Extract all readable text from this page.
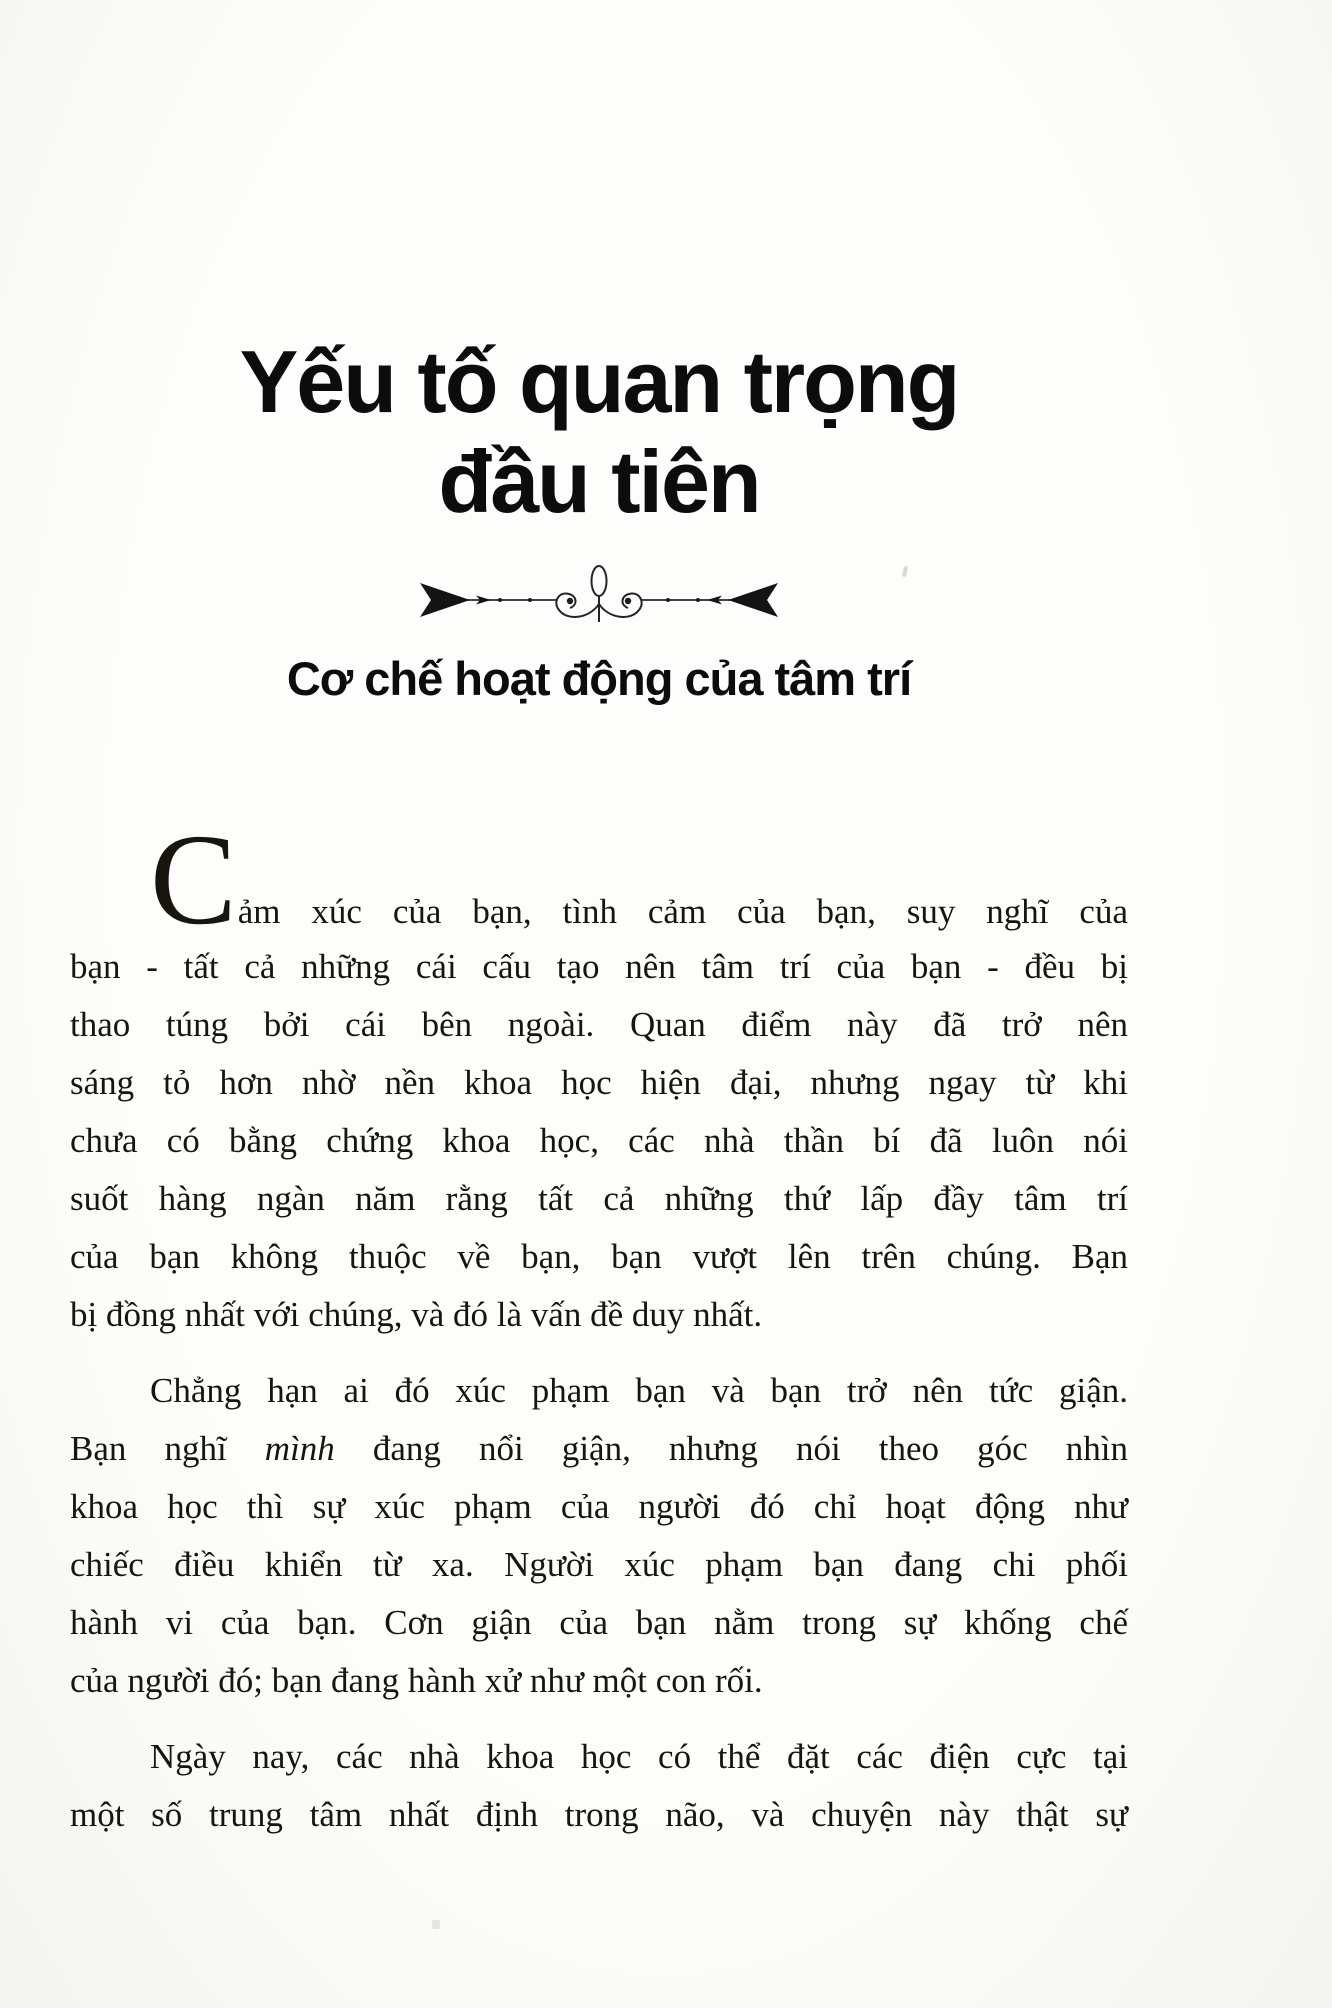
Yếu tố quan trọng
đầu tiên
Cơ chế hoạt động của tâm trí
Cảm xúc của bạn, tình cảm của bạn, suy nghĩ của
bạn - tất cả những cái cấu tạo nên tâm trí của bạn - đều bị
thao túng bởi cái bên ngoài. Quan điểm này đã trở nên
sáng tỏ hơn nhờ nền khoa học hiện đại, nhưng ngay từ khi
chưa có bằng chứng khoa học, các nhà thần bí đã luôn nói
suốt hàng ngàn năm rằng tất cả những thứ lấp đầy tâm trí
của bạn không thuộc về bạn, bạn vượt lên trên chúng. Bạn
bị đồng nhất với chúng, và đó là vấn đề duy nhất.
Chẳng hạn ai đó xúc phạm bạn và bạn trở nên tức giận.
Bạn nghĩ mình đang nổi giận, nhưng nói theo góc nhìn
khoa học thì sự xúc phạm của người đó chỉ hoạt động như
chiếc điều khiển từ xa. Người xúc phạm bạn đang chi phối
hành vi của bạn. Cơn giận của bạn nằm trong sự khống chế
của người đó; bạn đang hành xử như một con rối.
Ngày nay, các nhà khoa học có thể đặt các điện cực tại
một số trung tâm nhất định trong não, và chuyện này thật sự
